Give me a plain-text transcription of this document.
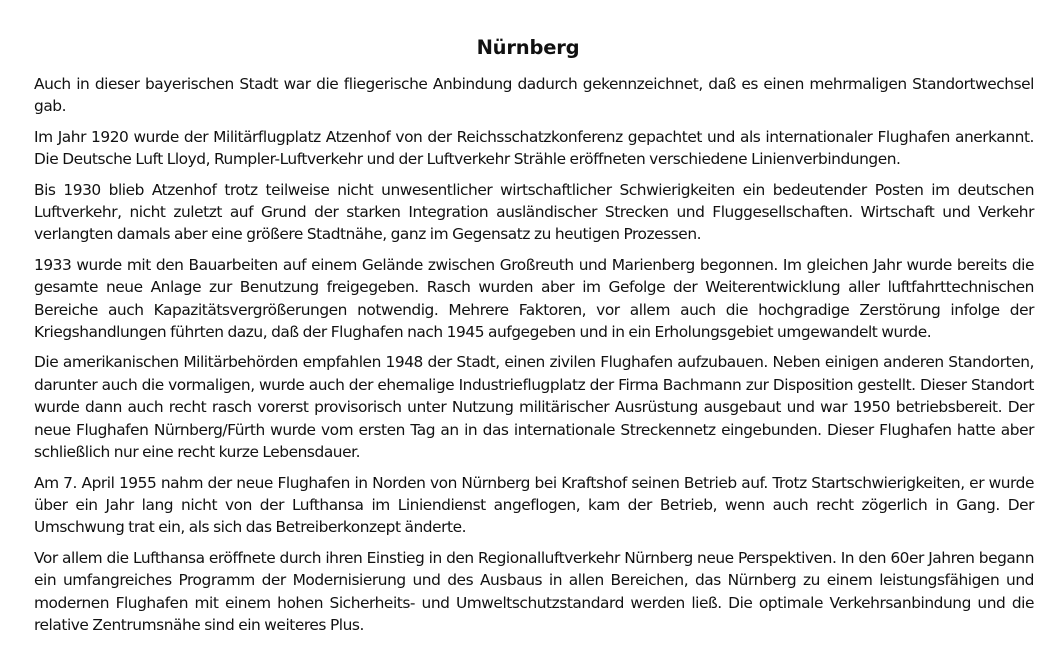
Nürnberg

Auch in dieser bayerischen Stadt war die fliegerische Anbindung dadurch gekennzeichnet, daß es einen mehrmaligen Standortwechsel gab.

Im Jahr 1920 wurde der Militärflugplatz Atzenhof von der Reichsschatzkonferenz gepachtet und als internationaler Flughafen anerkannt. Die Deutsche Luft Lloyd, Rumpler-Luftverkehr und der Luftverkehr Strähle eröffneten verschiedene Linienverbindungen.

Bis 1930 blieb Atzenhof trotz teilweise nicht unwesentlicher wirtschaftlicher Schwierigkeiten ein bedeutender Posten im deutschen Luftverkehr, nicht zuletzt auf Grund der starken Integration ausländischer Strecken und Fluggesellschaften. Wirtschaft und Verkehr verlangten damals aber eine größere Stadtnähe, ganz im Gegensatz zu heutigen Prozessen.

1933 wurde mit den Bauarbeiten auf einem Gelände zwischen Großreuth und Marienberg begonnen. Im gleichen Jahr wurde bereits die gesamte neue Anlage zur Benutzung freigegeben. Rasch wurden aber im Gefolge der Weiterentwicklung aller luftfahrttechnischen Bereiche auch Kapazitätsvergrößerungen notwendig. Mehrere Faktoren, vor allem auch die hochgradige Zerstörung infolge der Kriegshandlungen führten dazu, daß der Flughafen nach 1945 aufgegeben und in ein Erholungsgebiet umgewandelt wurde.

Die amerikanischen Militärbehörden empfahlen 1948 der Stadt, einen zivilen Flughafen aufzubauen. Neben einigen anderen Standorten, darunter auch die vormaligen, wurde auch der ehemalige Industrieflugplatz der Firma Bachmann zur Disposition gestellt. Dieser Standort wurde dann auch recht rasch vorerst provisorisch unter Nutzung militärischer Ausrüstung ausgebaut und war 1950 betriebsbereit. Der neue Flughafen Nürnberg/Fürth wurde vom ersten Tag an in das internationale Streckennetz eingebunden. Dieser Flughafen hatte aber schließlich nur eine recht kurze Lebensdauer.

Am 7. April 1955 nahm der neue Flughafen in Norden von Nürnberg bei Kraftshof seinen Betrieb auf. Trotz Startschwierigkeiten, er wurde über ein Jahr lang nicht von der Lufthansa im Liniendienst angeflogen, kam der Betrieb, wenn auch recht zögerlich in Gang. Der Umschwung trat ein, als sich das Betreiberkonzept änderte.

Vor allem die Lufthansa eröffnete durch ihren Einstieg in den Regionalluftverkehr Nürnberg neue Perspektiven. In den 60er Jahren begann ein umfangreiches Programm der Modernisierung und des Ausbaus in allen Bereichen, das Nürnberg zu einem leistungsfähigen und modernen Flughafen mit einem hohen Sicherheits- und Umweltschutzstandard werden ließ. Die optimale Verkehrsanbindung und die relative Zentrumsnähe sind ein weiteres Plus.
